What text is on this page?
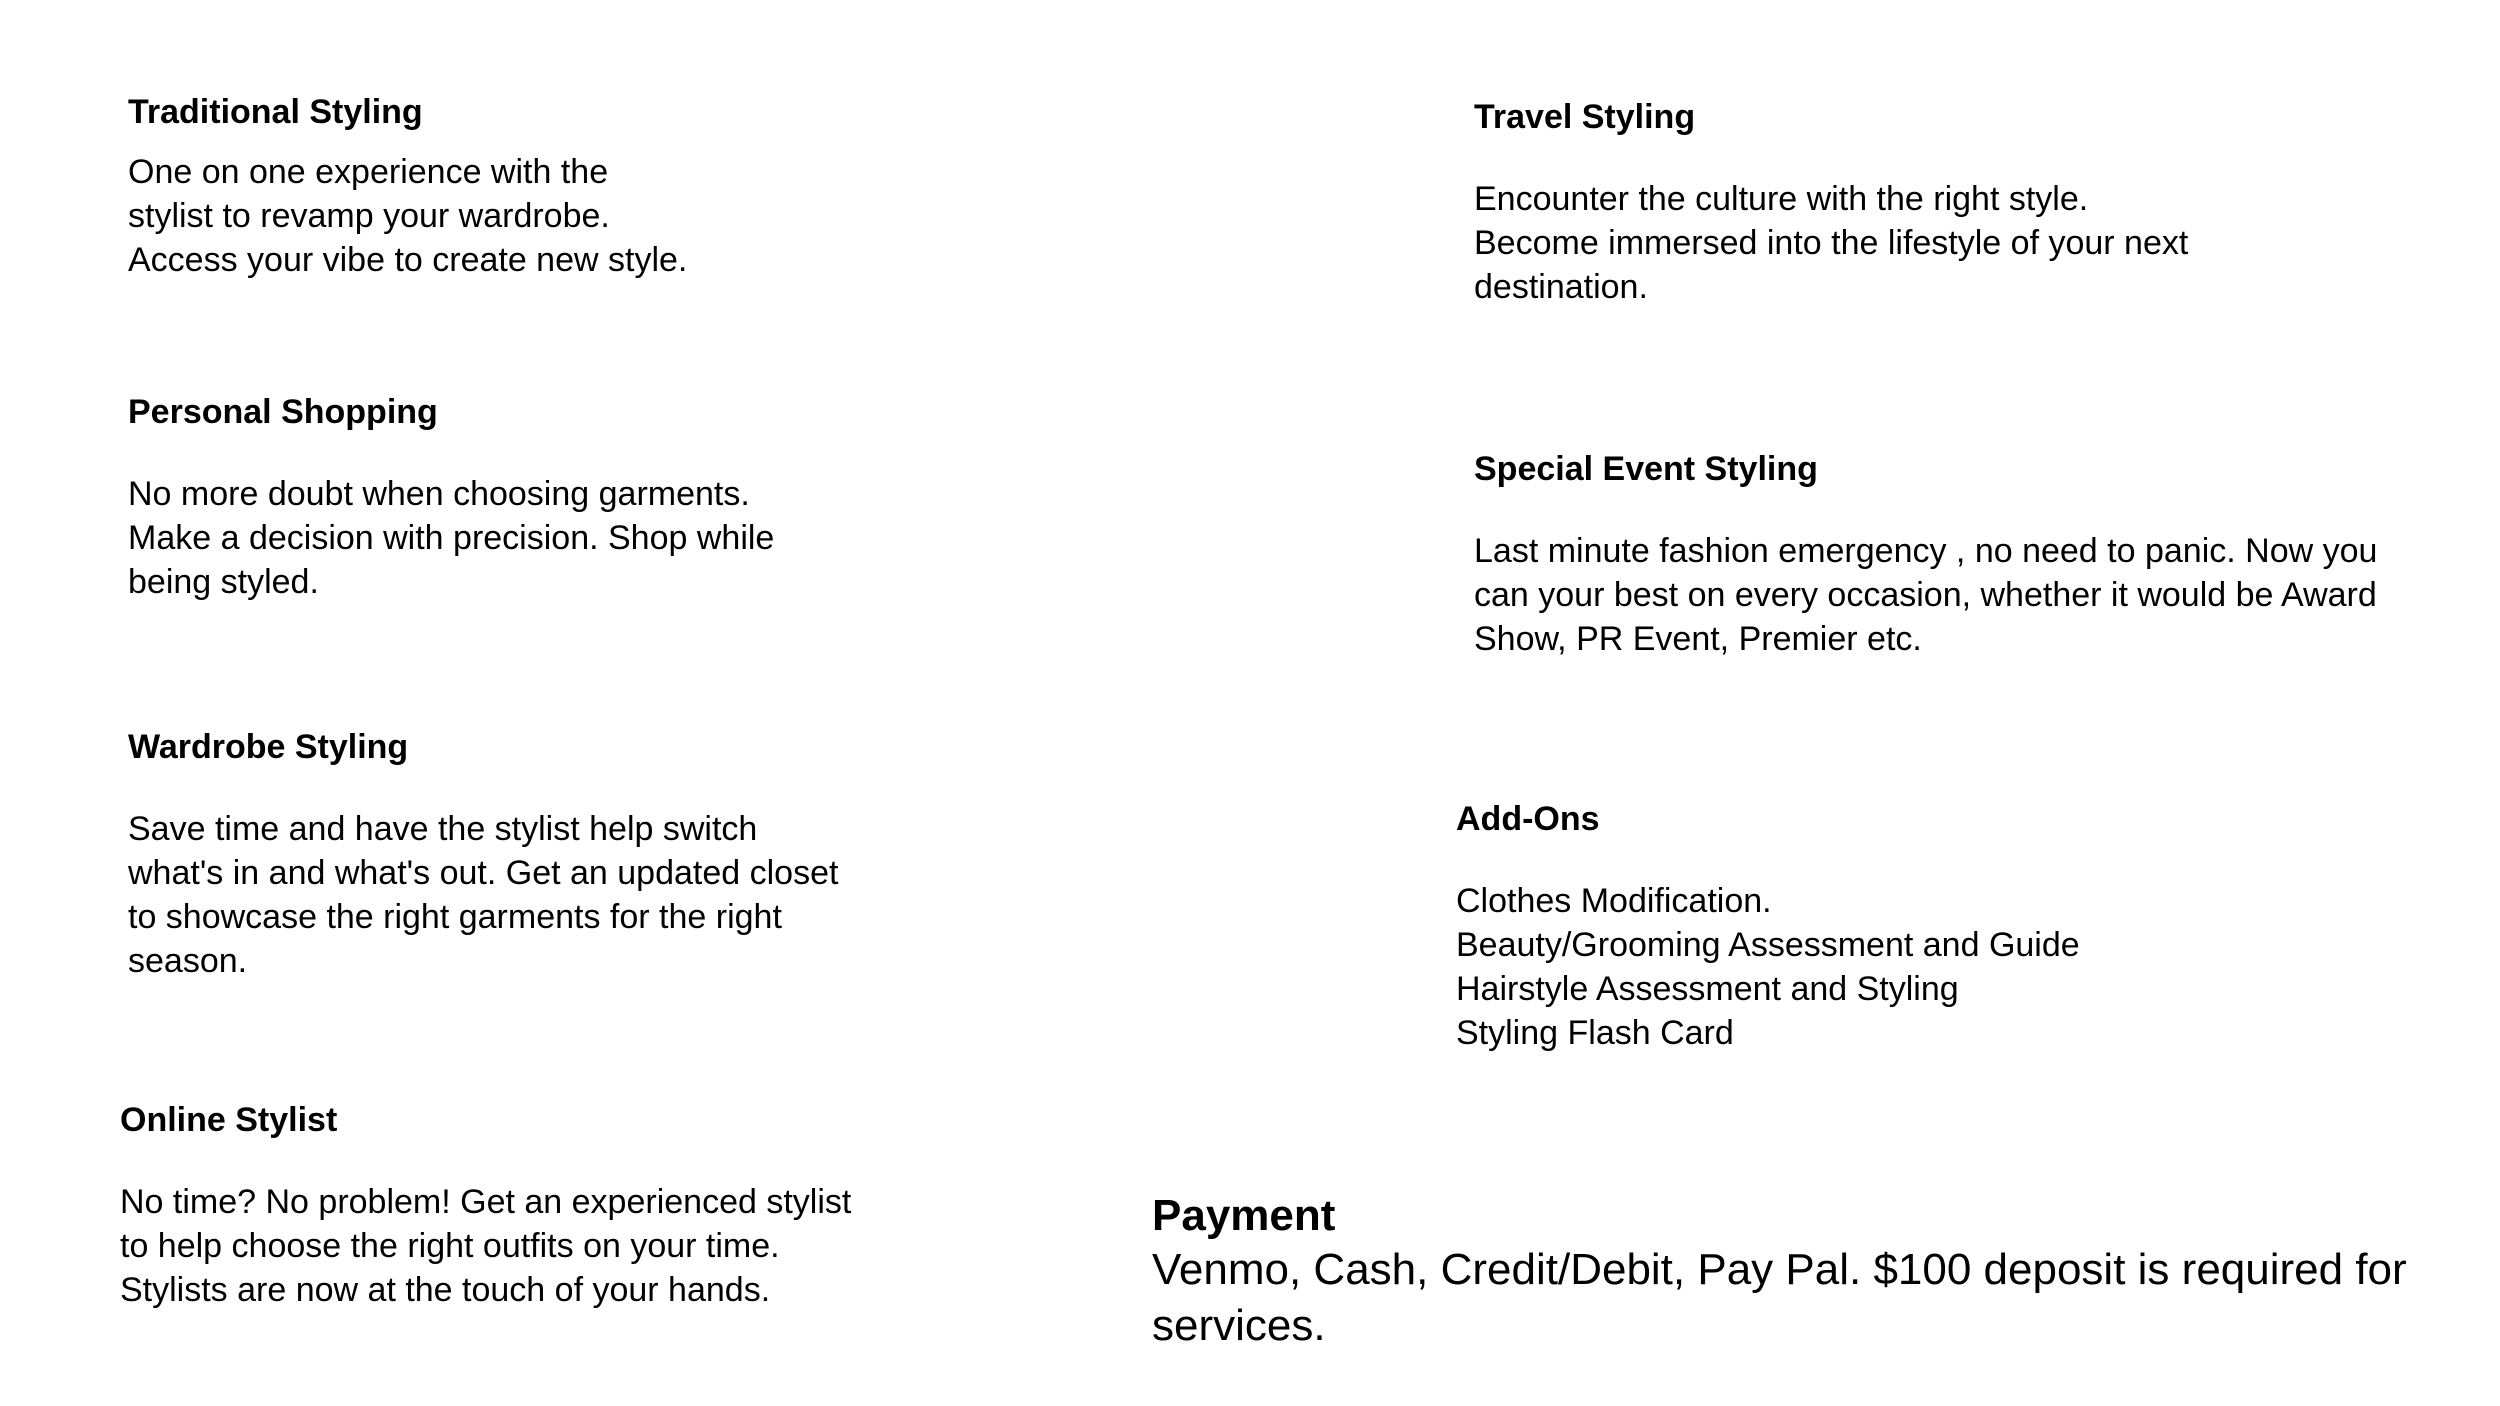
Traditional Styling

One on one experience with the
stylist to revamp your wardrobe.
Access your vibe to create new style.

Personal Shopping

No more doubt when choosing garments.
Make a decision with precision. Shop while
being styled.

Wardrobe Styling

Save time and have the stylist help switch
what's in and what's out. Get an updated closet
to showcase the right garments for the right
season.

Online Stylist

No time? No problem! Get an experienced stylist
to help choose the right outfits on your time.
Stylists are now at the touch of your hands.

Travel Styling

Encounter the culture with the right style.
Become immersed into the lifestyle of your next
destination.

Special Event Styling

Last minute fashion emergency , no need to panic. Now you
can your best on every occasion, whether it would be Award
Show, PR Event, Premier etc.

Add-Ons

Clothes Modification.
Beauty/Grooming Assessment and Guide
Hairstyle Assessment and Styling
Styling Flash Card

Payment

Venmo, Cash, Credit/Debit, Pay Pal. $100 deposit is required for
services.
